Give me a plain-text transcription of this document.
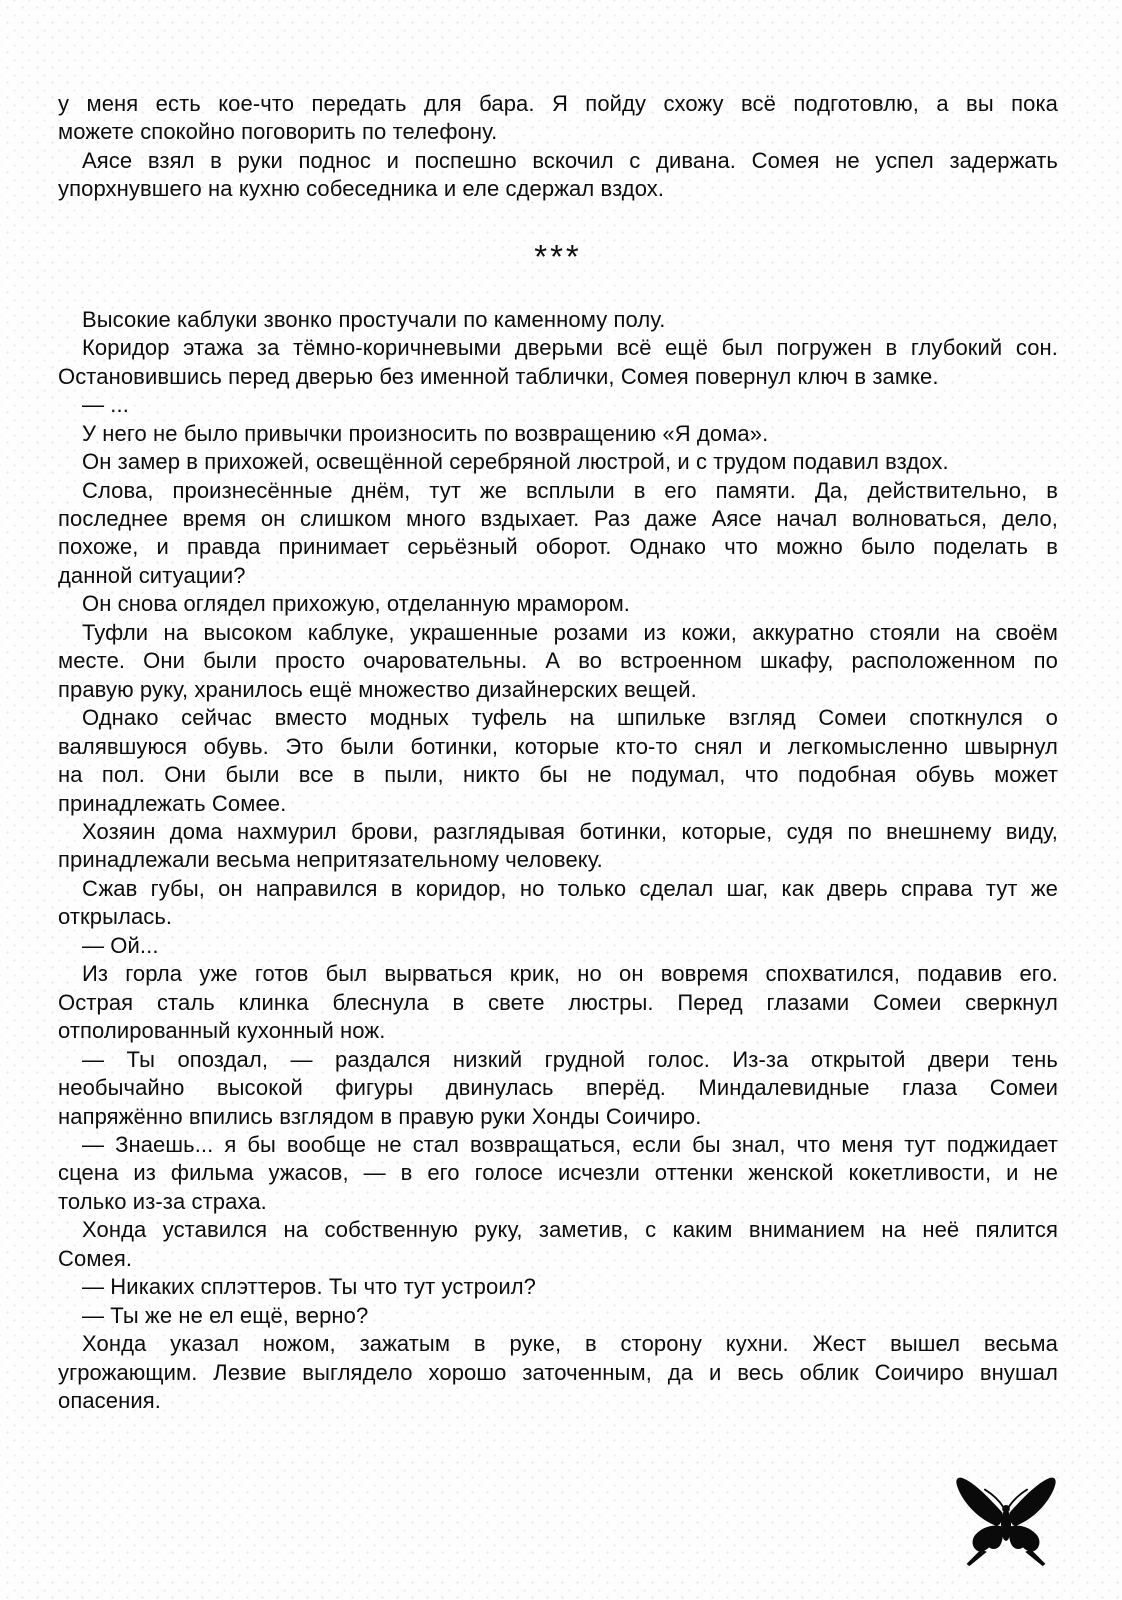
у меня есть кое-что передать для бара. Я пойду схожу всё подготовлю, а вы пока
можете спокойно поговорить по телефону.
Аясе взял в руки поднос и поспешно вскочил с дивана. Сомея не успел задержать
упорхнувшего на кухню собеседника и еле сдержал вздох.
***
Высокие каблуки звонко простучали по каменному полу.
Коридор этажа за тёмно-коричневыми дверьми всё ещё был погружен в глубокий сон.
Остановившись перед дверью без именной таблички, Сомея повернул ключ в замке.
— ...
У него не было привычки произносить по возвращению «Я дома».
Он замер в прихожей, освещённой серебряной люстрой, и с трудом подавил вздох.
Слова, произнесённые днём, тут же всплыли в его памяти. Да, действительно, в
последнее время он слишком много вздыхает. Раз даже Аясе начал волноваться, дело,
похоже, и правда принимает серьёзный оборот. Однако что можно было поделать в
данной ситуации?
Он снова оглядел прихожую, отделанную мрамором.
Туфли на высоком каблуке, украшенные розами из кожи, аккуратно стояли на своём
месте. Они были просто очаровательны. А во встроенном шкафу, расположенном по
правую руку, хранилось ещё множество дизайнерских вещей.
Однако сейчас вместо модных туфель на шпильке взгляд Сомеи споткнулся о
валявшуюся обувь. Это были ботинки, которые кто-то снял и легкомысленно швырнул
на пол. Они были все в пыли, никто бы не подумал, что подобная обувь может
принадлежать Сомее.
Хозяин дома нахмурил брови, разглядывая ботинки, которые, судя по внешнему виду,
принадлежали весьма непритязательному человеку.
Сжав губы, он направился в коридор, но только сделал шаг, как дверь справа тут же
открылась.
— Ой...
Из горла уже готов был вырваться крик, но он вовремя спохватился, подавив его.
Острая сталь клинка блеснула в свете люстры. Перед глазами Сомеи сверкнул
отполированный кухонный нож.
— Ты опоздал, — раздался низкий грудной голос. Из-за открытой двери тень
необычайно высокой фигуры двинулась вперёд. Миндалевидные глаза Сомеи
напряжённо впились взглядом в правую руки Хонды Соичиро.
— Знаешь... я бы вообще не стал возвращаться, если бы знал, что меня тут поджидает
сцена из фильма ужасов, — в его голосе исчезли оттенки женской кокетливости, и не
только из-за страха.
Хонда уставился на собственную руку, заметив, с каким вниманием на неё пялится
Сомея.
— Никаких сплэттеров. Ты что тут устроил?
— Ты же не ел ещё, верно?
Хонда указал ножом, зажатым в руке, в сторону кухни. Жест вышел весьма
угрожающим. Лезвие выглядело хорошо заточенным, да и весь облик Соичиро внушал
опасения.
